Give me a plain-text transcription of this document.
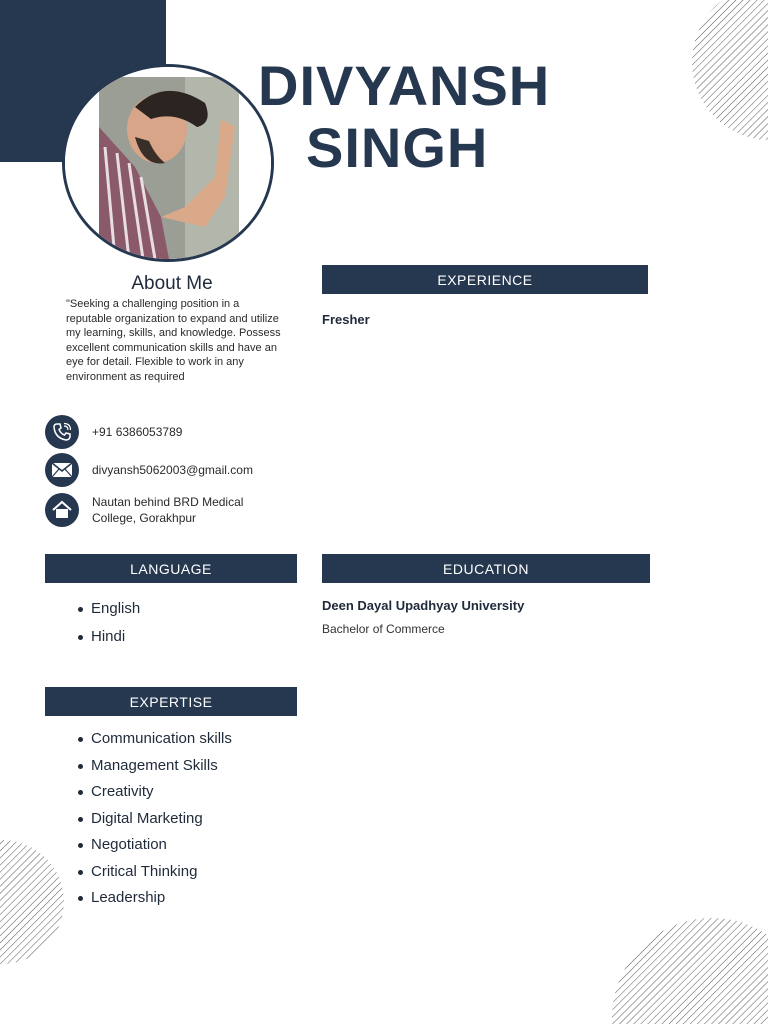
DIVYANSH
SINGH
About Me
"Seeking a challenging position in a reputable organization to expand and utilize my learning, skills, and knowledge. Possess excellent communication skills and have an eye for detail. Flexible to work in any environment as required
+91 6386053789
divyansh5062003@gmail.com
Nautan behind BRD Medical College, Gorakhpur
EXPERIENCE
LANGUAGE	EDUCATION
EXPERTISE
Fresher
English
Hindi
Deen Dayal Upadhyay University
Bachelor of Commerce
Communication skills
Management Skills
Creativity
Digital Marketing
Negotiation
Critical Thinking
Leadership
